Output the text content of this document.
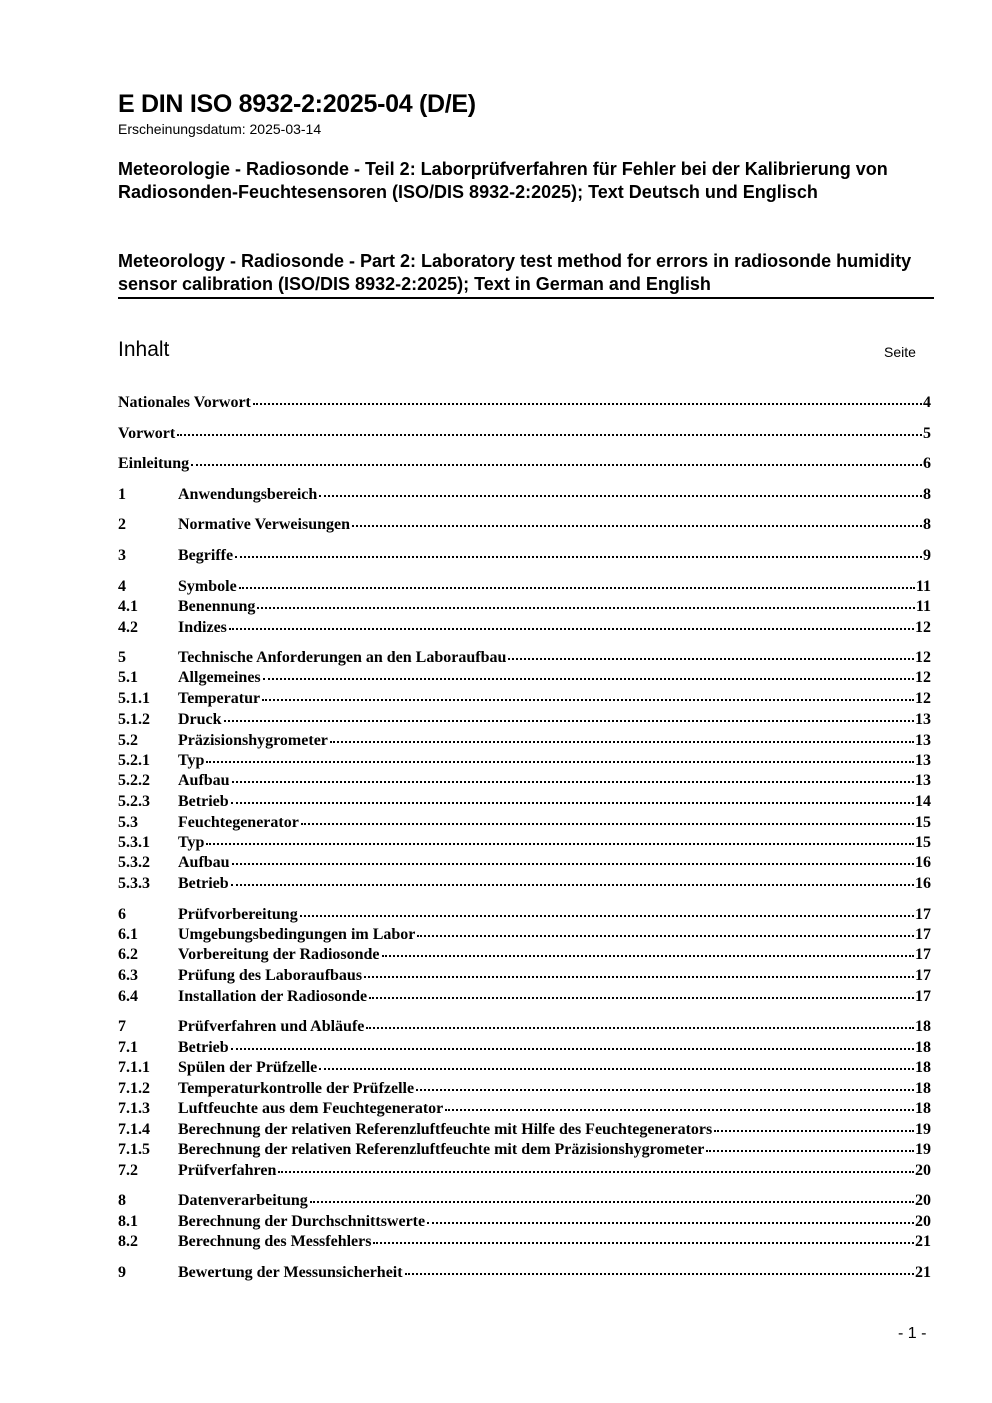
E DIN ISO 8932-2:2025-04 (D/E)
Erscheinungsdatum: 2025-03-14
Meteorologie - Radiosonde - Teil 2: Laborprüfverfahren für Fehler bei der Kalibrierung von Radiosonden-Feuchtesensoren (ISO/DIS 8932-2:2025); Text Deutsch und Englisch
Meteorology - Radiosonde - Part 2: Laboratory test method for errors in radiosonde humidity sensor calibration (ISO/DIS 8932-2:2025); Text in German and English
Inhalt	Seite
Nationales Vorwort	4
Vorwort	5
Einleitung	6
1	Anwendungsbereich	8
2	Normative Verweisungen	8
3	Begriffe	9
4	Symbole	11
4.1	Benennung	11
4.2	Indizes	12
5	Technische Anforderungen an den Laboraufbau	12
5.1	Allgemeines	12
5.1.1	Temperatur	12
5.1.2	Druck	13
5.2	Präzisionshygrometer	13
5.2.1	Typ	13
5.2.2	Aufbau	13
5.2.3	Betrieb	14
5.3	Feuchtegenerator	15
5.3.1	Typ	15
5.3.2	Aufbau	16
5.3.3	Betrieb	16
6	Prüfvorbereitung	17
6.1	Umgebungsbedingungen im Labor	17
6.2	Vorbereitung der Radiosonde	17
6.3	Prüfung des Laboraufbaus	17
6.4	Installation der Radiosonde	17
7	Prüfverfahren und Abläufe	18
7.1	Betrieb	18
7.1.1	Spülen der Prüfzelle	18
7.1.2	Temperaturkontrolle der Prüfzelle	18
7.1.3	Luftfeuchte aus dem Feuchtegenerator	18
7.1.4	Berechnung der relativen Referenzluftfeuchte mit Hilfe des Feuchtegenerators	19
7.1.5	Berechnung der relativen Referenzluftfeuchte mit dem Präzisionshygrometer	19
7.2	Prüfverfahren	20
8	Datenverarbeitung	20
8.1	Berechnung der Durchschnittswerte	20
8.2	Berechnung des Messfehlers	21
9	Bewertung der Messunsicherheit	21
- 1 -
